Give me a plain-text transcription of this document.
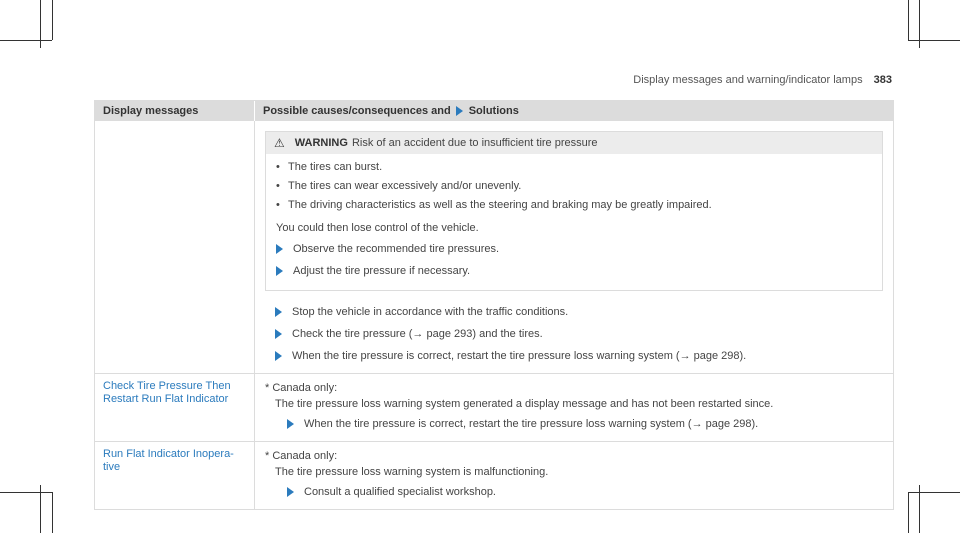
Display messages and warning/indicator lamps 383
Display messages	Possible causes/consequences and Solutions
⚠ WARNING Risk of an accident due to insufficient tire pressure
• The tires can burst.
• The tires can wear excessively and/or unevenly.
• The driving characteristics as well as the steering and braking may be greatly impaired.
You could then lose control of the vehicle.
Observe the recommended tire pressures.
Adjust the tire pressure if necessary.
Stop the vehicle in accordance with the traffic conditions.
Check the tire pressure (→ page 293) and the tires.
When the tire pressure is correct, restart the tire pressure loss warning system (→ page 298).
Check Tire Pressure Then Restart Run Flat Indicator
* Canada only:
The tire pressure loss warning system generated a display message and has not been restarted since.
When the tire pressure is correct, restart the tire pressure loss warning system (→ page 298).
Run Flat Indicator Inopera-tive
* Canada only:
The tire pressure loss warning system is malfunctioning.
Consult a qualified specialist workshop.
